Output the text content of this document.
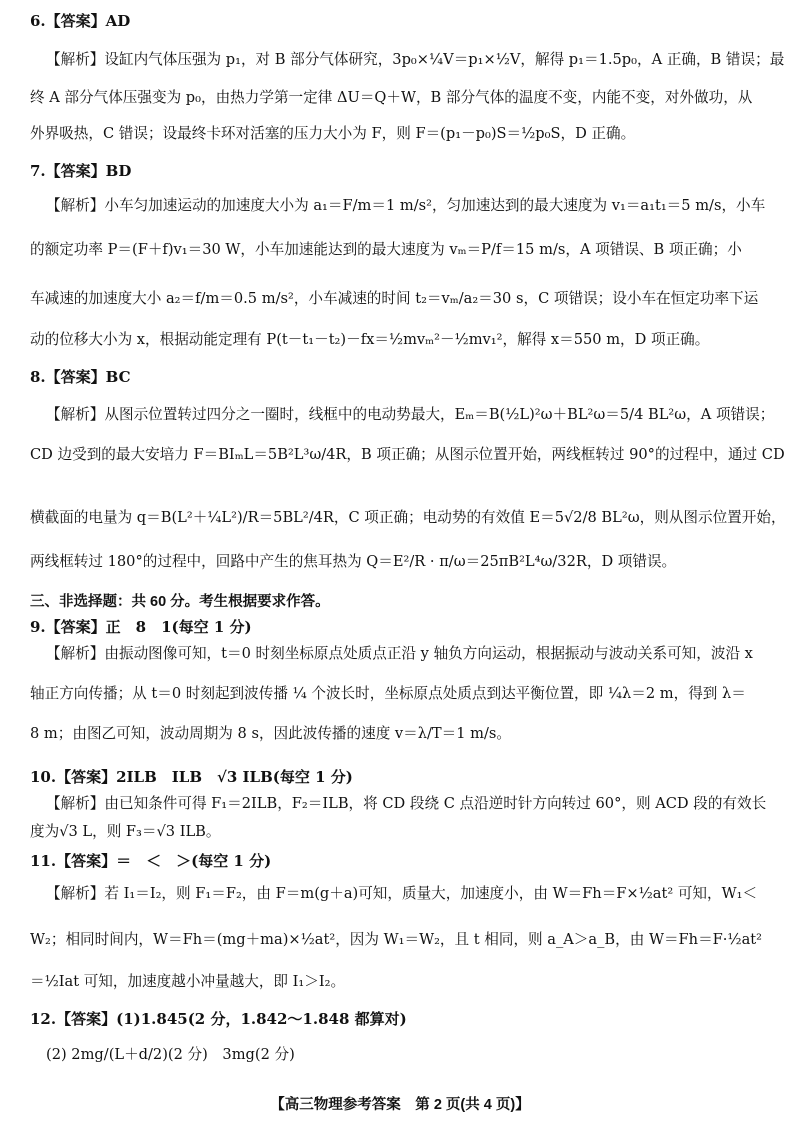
6.【答案】AD
【解析】设缸内气体压强为 p₁，对 B 部分气体研究，3p₀×¼V＝p₁×½V，解得 p₁＝1.5p₀，A 正确，B 错误；最
终 A 部分气体压强变为 p₀，由热力学第一定律 ΔU＝Q＋W，B 部分气体的温度不变，内能不变，对外做功，从
外界吸热，C 错误；设最终卡环对活塞的压力大小为 F，则 F＝(p₁－p₀)S＝½p₀S，D 正确。
7.【答案】BD
【解析】小车匀加速运动的加速度大小为 a₁＝F/m＝1 m/s²，匀加速达到的最大速度为 v₁＝a₁t₁＝5 m/s，小车
的额定功率 P＝(F＋f)v₁＝30 W，小车加速能达到的最大速度为 vₘ＝P/f＝15 m/s，A 项错误、B 项正确；小
车减速的加速度大小 a₂＝f/m＝0.5 m/s²，小车减速的时间 t₂＝vₘ/a₂＝30 s，C 项错误；设小车在恒定功率下运
动的位移大小为 x，根据动能定理有 P(t－t₁－t₂)－fx＝½mvₘ²－½mv₁²，解得 x＝550 m，D 项正确。
8.【答案】BC
【解析】从图示位置转过四分之一圈时，线框中的电动势最大，Eₘ＝B(½L)²ω＋BL²ω＝5/4 BL²ω，A 项错误；
CD 边受到的最大安培力 F＝BIₘL＝5B²L³ω/4R，B 项正确；从图示位置开始，两线框转过 90°的过程中，通过 CD
横截面的电量为 q＝B(L²＋¼L²)/R＝5BL²/4R，C 项正确；电动势的有效值 E＝5√2/8 BL²ω，则从图示位置开始，
两线框转过 180°的过程中，回路中产生的焦耳热为 Q＝E²/R · π/ω＝25πB²L⁴ω/32R，D 项错误。
三、非选择题：共 60 分。考生根据要求作答。
9.【答案】正　8　1(每空 1 分)
【解析】由振动图像可知，t＝0 时刻坐标原点处质点正沿 y 轴负方向运动，根据振动与波动关系可知，波沿 x
轴正方向传播；从 t＝0 时刻起到波传播 ¼ 个波长时，坐标原点处质点到达平衡位置，即 ¼λ＝2 m，得到 λ＝
8 m；由图乙可知，波动周期为 8 s，因此波传播的速度 v＝λ/T＝1 m/s。
10.【答案】2ILB　ILB　√3 ILB(每空 1 分)
【解析】由已知条件可得 F₁＝2ILB，F₂＝ILB，将 CD 段绕 C 点沿逆时针方向转过 60°，则 ACD 段的有效长
度为√3 L，则 F₃＝√3 ILB。
11.【答案】＝　＜　＞(每空 1 分)
【解析】若 I₁＝I₂，则 F₁＝F₂，由 F＝m(g＋a)可知，质量大，加速度小，由 W＝Fh＝F×½at² 可知，W₁＜
W₂；相同时间内，W＝Fh＝(mg＋ma)×½at²，因为 W₁＝W₂，且 t 相同，则 a_A＞a_B，由 W＝Fh＝F·½at²
＝½Iat 可知，加速度越小冲量越大，即 I₁＞I₂。
12.【答案】(1)1.845(2 分，1.842～1.848 都算对)
(2) 2mg/(L＋d/2)(2 分)　3mg(2 分)
【高三物理参考答案　第 2 页(共 4 页)】
